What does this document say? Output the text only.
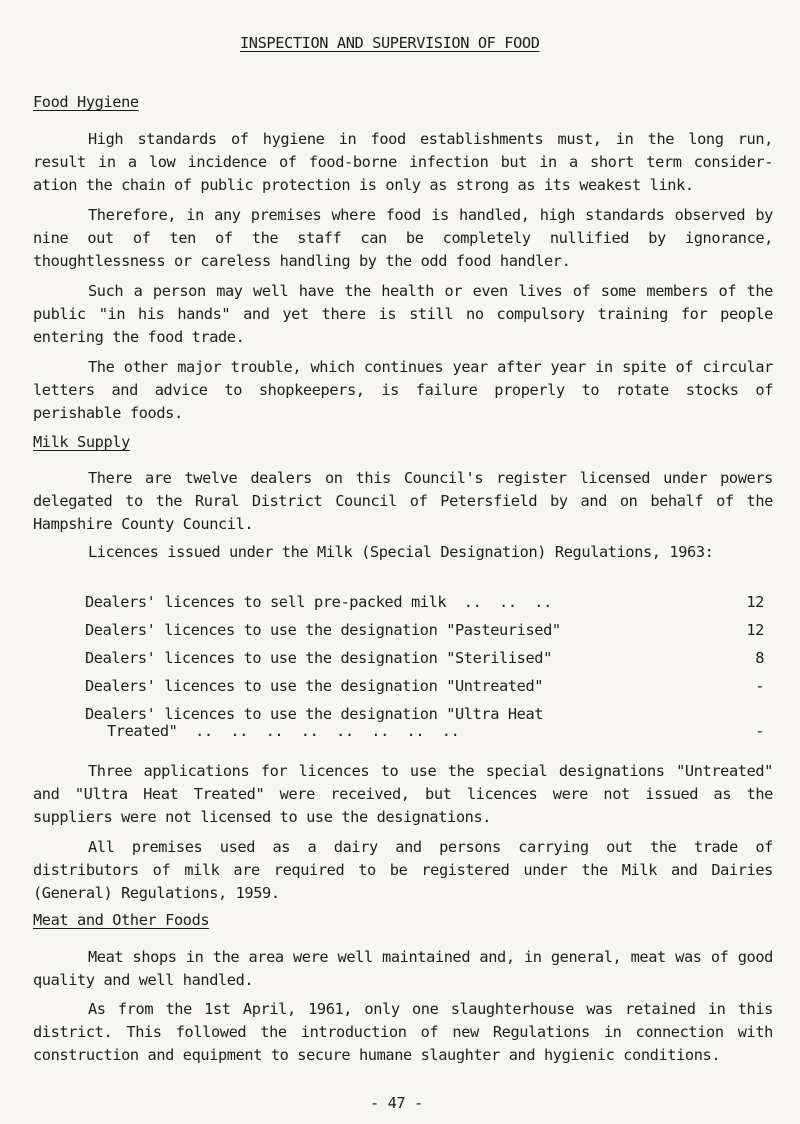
INSPECTION AND SUPERVISION OF FOOD
Food Hygiene
High standards of hygiene in food establishments must, in the long run, result in a low incidence of food-borne infection but in a short term consider- ation the chain of public protection is only as strong as its weakest link.
Therefore, in any premises where food is handled, high standards observed by nine out of ten of the staff can be completely nullified by ignorance, thoughtlessness or careless handling by the odd food handler.
Such a person may well have the health or even lives of some members of the public "in his hands" and yet there is still no compulsory training for people entering the food trade.
The other major trouble, which continues year after year in spite of circular letters and advice to shopkeepers, is failure properly to rotate stocks of perishable foods.
Milk Supply
There are twelve dealers on this Council's register licensed under powers delegated to the Rural District Council of Petersfield by and on behalf of the Hampshire County Council.
Licences issued under the Milk (Special Designation) Regulations, 1963:
Dealers' licences to sell pre-packed milk  ..  ..  ..	12
Dealers' licences to use the designation "Pasteurised"	12
Dealers' licences to use the designation "Sterilised"	8
Dealers' licences to use the designation "Untreated"	-
Dealers' licences to use the designation "Ultra Heat
Treated"  ..  ..  ..  ..  ..  ..  ..  ..	-
Three applications for licences to use the special designations "Untreated" and "Ultra Heat Treated" were received, but licences were not issued as the suppliers were not licensed to use the designations.
All premises used as a dairy and persons carrying out the trade of distributors of milk are required to be registered under the Milk and Dairies (General) Regulations, 1959.
Meat and Other Foods
Meat shops in the area were well maintained and, in general, meat was of good quality and well handled.
As from the 1st April, 1961, only one slaughterhouse was retained in this district. This followed the introduction of new Regulations in connection with construction and equipment to secure humane slaughter and hygienic conditions.
- 47 -
